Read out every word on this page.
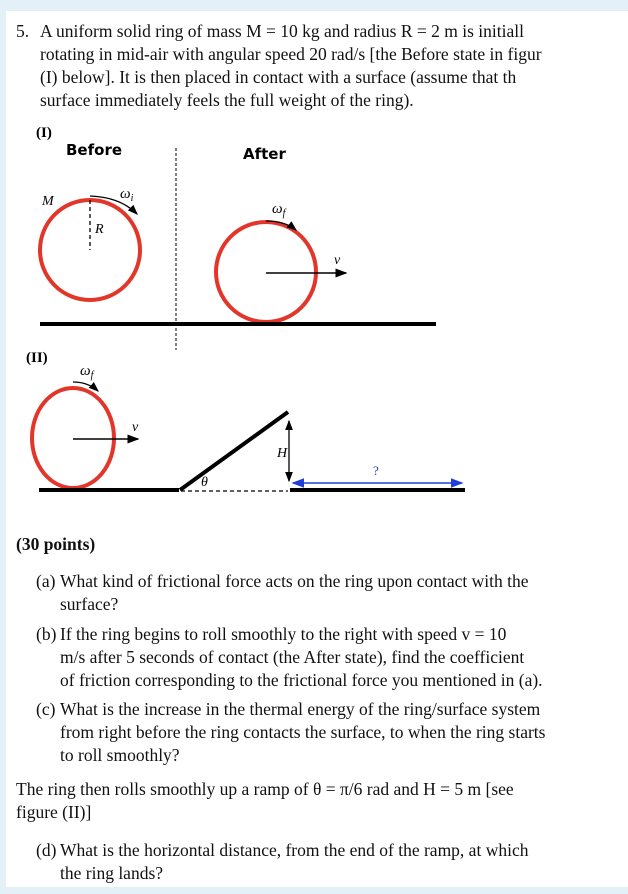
5. A uniform solid ring of mass M = 10 kg and radius R = 2 m is initiall
rotating in mid-air with angular speed 20 rad/s [the Before state in figur
(I) below]. It is then placed in contact with a surface (assume that th
surface immediately feels the full weight of the ring).
(I)
Before	After
M
R
$\omega_i$
$\omega_f$
v
(II)
$\omega_f$
v
θ
H
?
(30 points)
(a) What kind of frictional force acts on the ring upon contact with the
surface?
(b) If the ring begins to roll smoothly to the right with speed v = 10
m/s after 5 seconds of contact (the After state), find the coefficient
of friction corresponding to the frictional force you mentioned in (a).
(c) What is the increase in the thermal energy of the ring/surface system
from right before the ring contacts the surface, to when the ring starts
to roll smoothly?
The ring then rolls smoothly up a ramp of θ = π/6 rad and H = 5 m [see
figure (II)]
(d) What is the horizontal distance, from the end of the ramp, at which
the ring lands?
